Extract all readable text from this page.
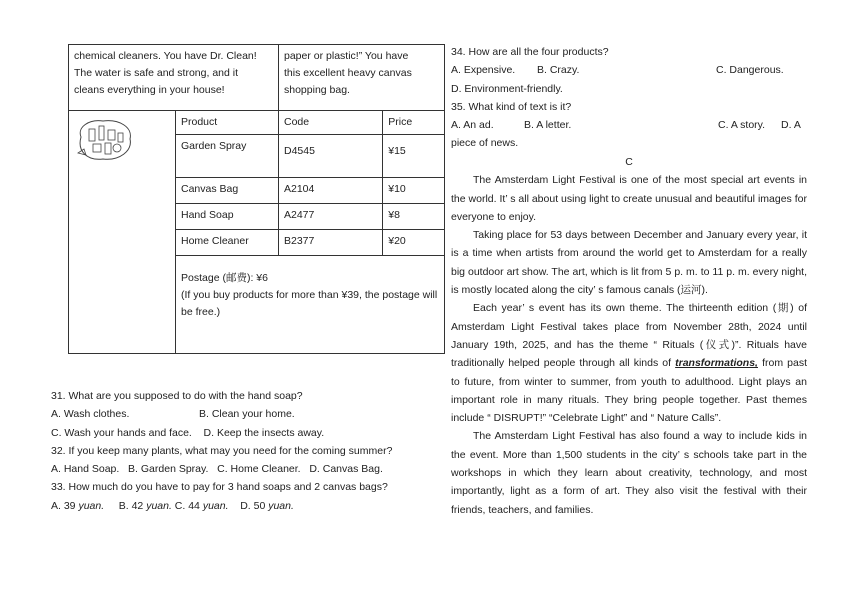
chemical cleaners. You have Dr. Clean!
The water is safe and strong, and it
cleans everything in your house!		paper or plastic!” You have
this excellent heavy canvas
shopping bag.	
	Product	Code	Price
	Garden Spray	D4545	¥15
	Canvas Bag	A2104	¥10
	Hand Soap	A2477	¥8
	Home Cleaner	B2377	¥20

	Postage (邮费): ¥6
(If you buy products for more than ¥39, the postage will be free.)		
31. What are you supposed to do with the hand soap?
A. Wash clothes.	B. Clean your home.
C. Wash your hands and face. D. Keep the insects away.
32. If you keep many plants, what may you need for the coming summer?
A. Hand Soap.   B. Garden Spray.   C. Home Cleaner.   D. Canvas Bag.
33. How much do you have to pay for 3 hand soaps and 2 canvas bags?
A. 39 yuan. B. 42 yuan. C. 44 yuan. D. 50 yuan.
34. How are all the four products?
A. Expensive. B. Crazy.	C. Dangerous.
D. Environment-friendly.
35. What kind of text is it?
A. An ad.	B. A letter.	C. A story. D. A
piece of news.

C

The Amsterdam Light Festival is one of the most special art events in the world. It’ s all about using light to create unusual and beautiful images for everyone to enjoy.

Taking place for 53 days between December and January every year, it is a time when artists from around the world get to Amsterdam for a really big outdoor art show. The art, which is lit from 5 p. m. to 11 p. m. every night, is mostly located along the city’ s famous canals (运河).

Each year’ s event has its own theme. The thirteenth edition (期) of Amsterdam Light Festival takes place from November 28th, 2024 until January 19th, 2025, and has the theme “ Rituals (仪式)”. Rituals have traditionally helped people through all kinds of transformations, from past to future, from winter to summer, from youth to adulthood. Light plays an important role in many rituals. They bring people together. Past themes include “ DISRUPT!” “Celebrate Light” and “ Nature Calls”.

The Amsterdam Light Festival has also found a way to include kids in the event. More than 1,500 students in the city’ s schools take part in the workshops in which they learn about creativity, technology, and most importantly, light as a form of art. They also visit the festival with their friends, teachers, and families.
